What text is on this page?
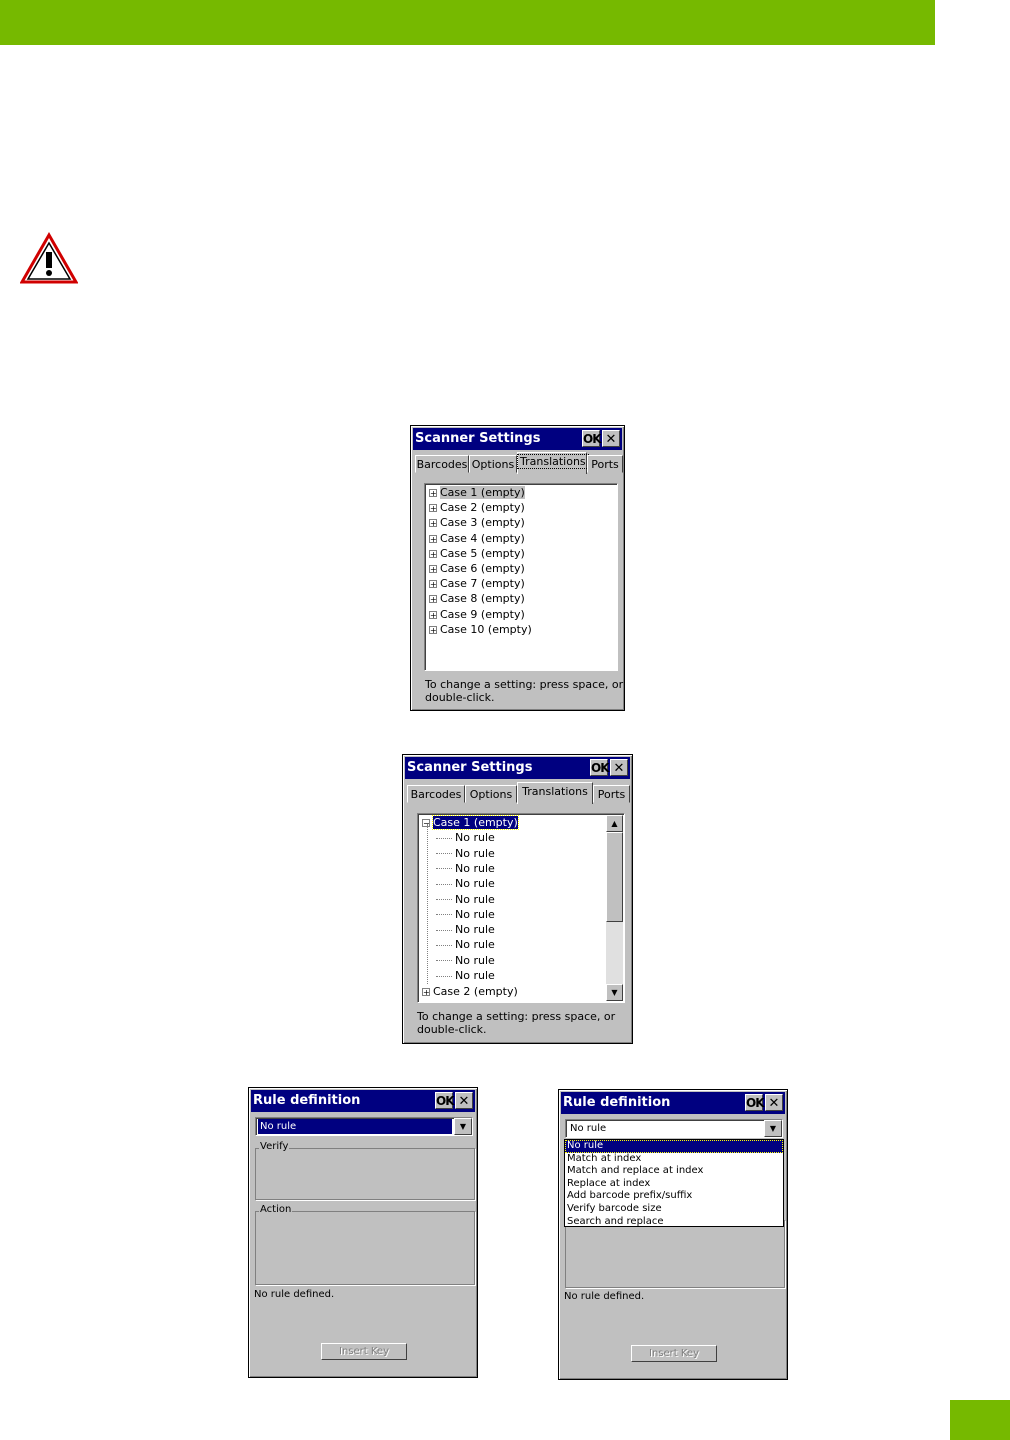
Scanner Settings	OK ✕
Barcodes Options Translations Ports
+ Case 1 (empty)
+ Case 2 (empty)
+ Case 3 (empty)
+ Case 4 (empty)
+ Case 5 (empty)
+ Case 6 (empty)
+ Case 7 (empty)
+ Case 8 (empty)
+ Case 9 (empty)
+ Case 10 (empty)
To change a setting: press space, or
double-click.
Scanner Settings	OK ✕
Barcodes Options Translations Ports
− Case 1 (empty)
No rule
No rule
No rule
No rule
No rule
No rule
No rule
No rule
No rule
No rule
+ Case 2 (empty)
▲
▼
To change a setting: press space, or
double-click.
Rule definition	OK ✕
No rule	▼
Verify
Action
No rule defined.
Insert Key
Rule definition	OK ✕
No rule	▼
No rule
Match at index
Match and replace at index
Replace at index
Add barcode prefix/suffix
Verify barcode size
Search and replace
No rule defined.
Insert Key
